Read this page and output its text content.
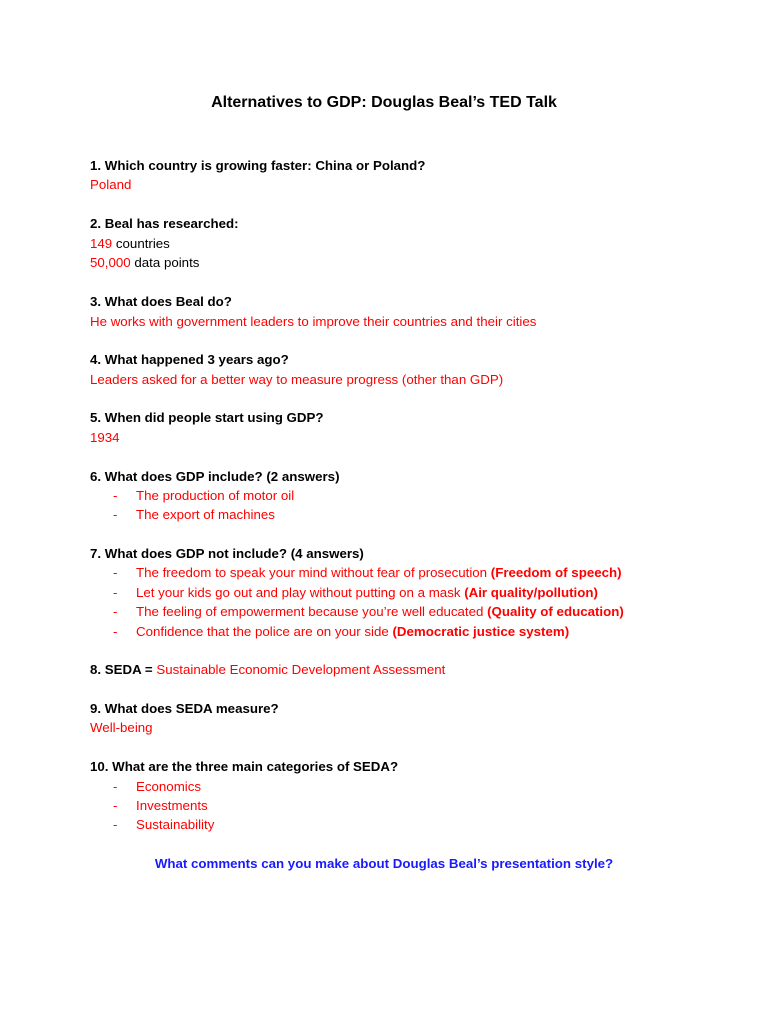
Alternatives to GDP: Douglas Beal’s TED Talk
1. Which country is growing faster: China or Poland?
Poland
2. Beal has researched:
149 countries
50,000 data points
3. What does Beal do?
He works with government leaders to improve their countries and their cities
4. What happened 3 years ago?
Leaders asked for a better way to measure progress (other than GDP)
5. When did people start using GDP?
1934
6. What does GDP include? (2 answers)
- The production of motor oil
- The export of machines
7. What does GDP not include? (4 answers)
- The freedom to speak your mind without fear of prosecution (Freedom of speech)
- Let your kids go out and play without putting on a mask (Air quality/pollution)
- The feeling of empowerment because you’re well educated (Quality of education)
- Confidence that the police are on your side (Democratic justice system)
8. SEDA = Sustainable Economic Development Assessment
9. What does SEDA measure?
Well-being
10. What are the three main categories of SEDA?
- Economics
- Investments
- Sustainability
What comments can you make about Douglas Beal’s presentation style?
